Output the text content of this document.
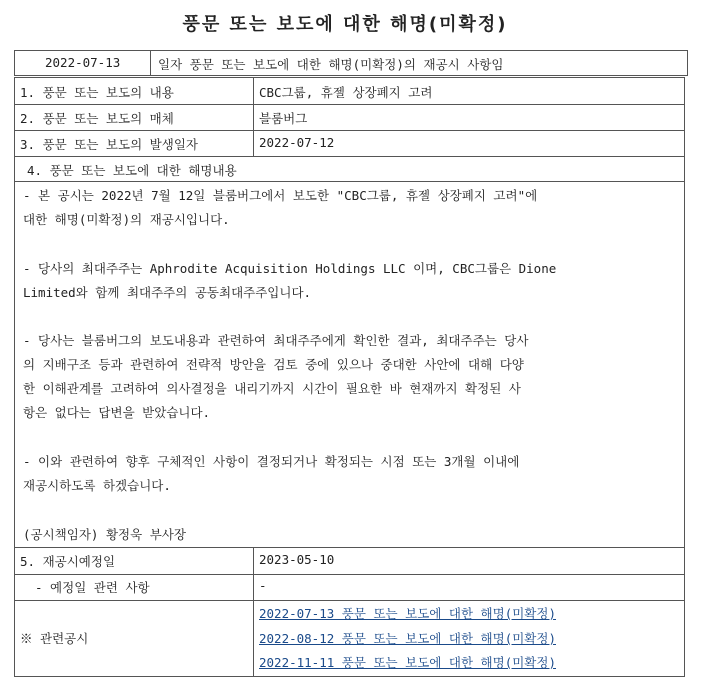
풍문 또는 보도에 대한 해명(미확정)
2022-07-13	일자 풍문 또는 보도에 대한 해명(미확정)의 재공시 사항임
1. 풍문 또는 보도의 내용	CBC그룹, 휴젤 상장폐지 고려
2. 풍문 또는 보도의 매체	블룸버그
3. 풍문 또는 보도의 발생일자	2022-07-12
4. 풍문 또는 보도에 대한 해명내용
- 본 공시는 2022년 7월 12일 블룸버그에서 보도한 "CBC그룹, 휴젤 상장폐지 고려"에
대한 해명(미확정)의 재공시입니다.
- 당사의 최대주주는 Aphrodite Acquisition Holdings LLC 이며, CBC그룹은 Dione
Limited와 함께 최대주주의 공동최대주주입니다.
- 당사는 블룸버그의 보도내용과 관련하여 최대주주에게 확인한 결과, 최대주주는 당사
의 지배구조 등과 관련하여 전략적 방안을 검토 중에 있으나 중대한 사안에 대해 다양
한 이해관계를 고려하여 의사결정을 내리기까지 시간이 필요한 바 현재까지 확정된 사
항은 없다는 답변을 받았습니다.
- 이와 관련하여 향후 구체적인 사항이 결정되거나 확정되는 시점 또는 3개월 이내에
재공시하도록 하겠습니다.
(공시책임자) 황정욱 부사장
5. 재공시예정일	2023-05-10
- 예정일 관련 사항	-
※ 관련공시
2022-07-13 풍문 또는 보도에 대한 해명(미확정)
2022-08-12 풍문 또는 보도에 대한 해명(미확정)
2022-11-11 풍문 또는 보도에 대한 해명(미확정)
